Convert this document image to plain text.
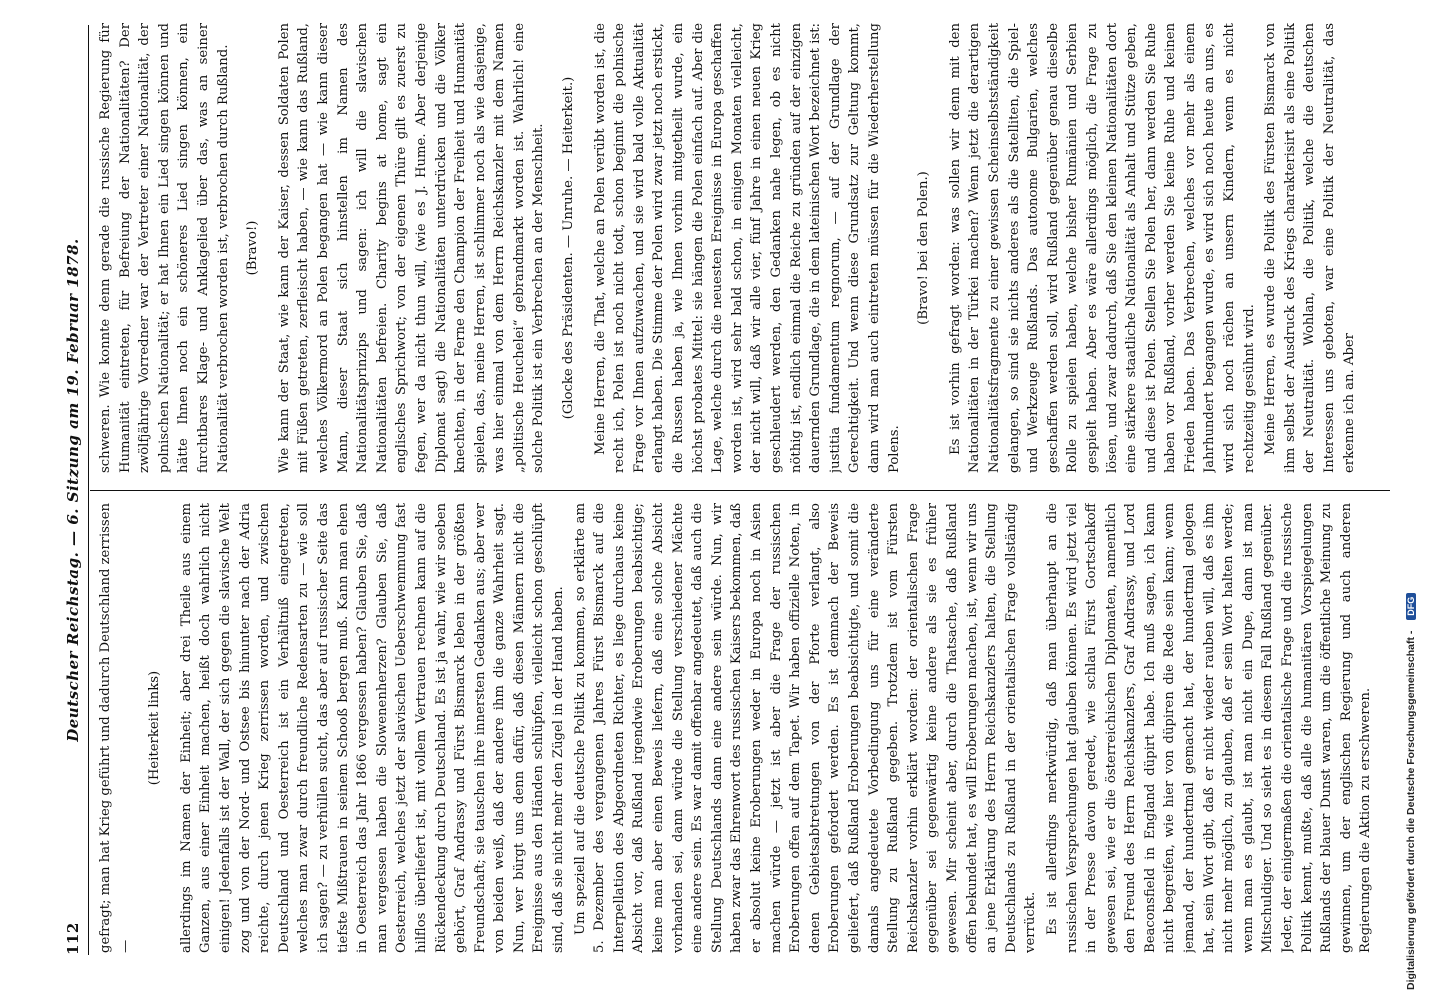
112
Deutscher Reichstag. — 6. Sitzung am 19. Februar 1878. gefragt; man hat Krieg geführt und dadurch Deutschland zerrissen —

(Heiterkeit links) allerdings im Namen der Einheit; aber drei Theile aus einem Ganzen, aus einer Einheit machen, heißt doch wahrlich nicht einigen! Jedenfalls ist der Wall, der sich gegen die slavische Welt zog und von der Nord- und Ostsee bis hinunter nach der Adria reichte, durch jenen Krieg zerrissen worden, und zwischen Deutschland und Oesterreich ist ein Verhältniß eingetreten, welches man zwar durch freundliche Redensarten zu — wie soll ich sagen? — zu verhüllen sucht, das aber auf russischer Seite das tiefste Mißtrauen in seinem Schooß bergen muß. Kann man ehen in Oesterreich das Jahr 1866 vergessen haben? Glauben Sie, daß man vergessen haben die Slowenenherzen? Glauben Sie, daß Oesterreich, welches jetzt der slavischen Ueberschwemmung fast hilflos überliefert ist, mit vollem Vertrauen rechnen kann auf die Rückendeckung durch Deutschland. Es ist ja wahr, wie wir soeben gehört, Graf Andrassy und Fürst Bismarck leben in der größten Freundschaft; sie tauschen ihre innersten Gedanken aus; aber wer von beiden weiß, daß der andere ihm die ganze Wahrheit sagt. Nun, wer bürgt uns denn dafür, daß diesen Männern nicht die Ereignisse aus den Händen schlüpfen, vielleicht schon geschlüpft sind, daß sie nicht mehr den Zügel in der Hand haben. Um speziell auf die deutsche Politik zu kommen, so erklärte am 5. Dezember des vergangenen Jahres Fürst Bismarck auf die Interpellation des Abgeordneten Richter, es liege durchaus keine Absicht vor, daß Rußland irgendwie Eroberungen beabsichtige; keine man aber einen Beweis liefern, daß eine solche Absicht vorhanden sei, dann würde die Stellung verschiedener Mächte eine andere sein. Es war damit offenbar angedeutet, daß auch die Stellung Deutschlands dann eine andere sein würde. Nun, wir haben zwar das Ehrenwort des russischen Kaisers bekommen, daß er absolut keine Eroberungen weder in Europa noch in Asien machen würde — jetzt ist aber die Frage der russischen Eroberungen offen auf dem Tapet. Wir haben offizielle Noten, in denen Gebietsabtretungen von der Pforte verlangt, also Eroberungen gefordert werden. Es ist demnach der Beweis geliefert, daß Rußland Eroberungen beabsichtigte, und somit die damals angedeutete Vorbedingung uns für eine veränderte Stellung zu Rußland gegeben. Trotzdem ist vom Fürsten Reichskanzler vorhin erklärt worden: der orientalischen Frage gegenüber sei gegenwärtig keine andere als sie es früher gewesen. Mir scheint aber, durch die Thatsache, daß Rußland offen bekundet hat, es will Eroberungen machen, ist, wenn wir uns an jene Erklärung des Herrn Reichskanzlers halten, die Stellung Deutschlands zu Rußland in der orientalischen Frage vollständig verrückt. Es ist allerdings merkwürdig, daß man überhaupt an die russischen Versprechungen hat glauben können. Es wird jetzt viel in der Presse davon geredet, wie schlau Fürst Gortschakoff gewesen sei, wie er die österreichischen Diplomaten, namentlich den Freund des Herrn Reichskanzlers, Graf Andrassy, und Lord Beaconsfield in England düpirt habe. Ich muß sagen, ich kann nicht begreifen, wie hier von düpiren die Rede sein kann; wenn jemand, der hundertmal gemacht hat, der hundertmal gelogen hat, sein Wort gibt, daß er nicht wieder rauben will, daß es ihm nicht mehr möglich, zu glauben, daß er sein Wort halten werde; wenn man es glaubt, ist man nicht ein Dupe, dann ist man Mitschuldiger. Und so sieht es in diesem Fall Rußland gegenüber. Jeder, der einigermaßen die orientalische Frage und die russische Politik kennt, mußte, daß alle die humanitären Vorspiegelungen Rußlands der blauer Dunst waren, um die öffentliche Meinung zu gewinnen, um der englischen Regierung und auch anderen Regierungen die Aktion zu erschweren.

schweren. Wie konnte denn gerade die russische Regierung für Humanität eintreten, für Befreiung der Nationalitäten? Der zwölfjährige Vorredner war der Vertreter einer Nationalität, der polnischen Nationalität; er hat Ihnen ein Lied singen können und hätte Ihnen noch ein schöneres Lied singen können, ein furchtbares Klage- und Anklagelied über das, was an seiner Nationalität verbrochen worden ist, verbrochen durch Rußland. (Bravo!) Wie kann der Staat, wie kann der Kaiser, dessen Soldaten Polen mit Füßen getreten, zerfleischt haben, — wie kann das Rußland, welches Völkermord an Polen begangen hat — wie kann dieser Mann, dieser Staat sich hinstellen im Namen des Nationalitätsprinzips und sagen: ich will die slavischen Nationalitäten befreien. Charity begins at home, sagt ein englisches Sprichwort; von der eigenen Thüre gilt es zuerst zu fegen, wer da nicht thun will, (wie es J. Hume. Aber derjenige Diplomat sagt) die Nationalitäten unterdrücken und die Völker knechten, in der Ferne den Champion der Freiheit und Humanität spielen, das, meine Herren, ist schlimmer noch als wie dasjenige, was hier einmal von dem Herrn Reichskanzler mit dem Namen „politische Heuchelei“ gebrandmarkt worden ist. Wahrlich! eine solche Politik ist ein Verbrechen an der Menschheit. (Glocke des Präsidenten. — Unruhe. — Heiterkeit.) Meine Herren, die That, welche an Polen verübt worden ist, die recht ich, Polen ist noch nicht todt, schon beginnt die polnische Frage vor Ihnen aufzuwachen, und sie wird bald volle Aktualität erlangt haben. Die Stimme der Polen wird zwar jetzt noch erstickt, die Russen haben ja, wie Ihnen vorhin mitgetheilt wurde, ein höchst probates Mittel: sie hängen die Polen einfach auf. Aber die Lage, welche durch die neuesten Ereignisse in Europa geschaffen worden ist, wird sehr bald schon, in einigen Monaten vielleicht, der nicht will, daß wir alle vier, fünf Jahre in einen neuen Krieg geschleudert werden, den Gedanken nahe legen, ob es nicht nöthig ist, endlich einmal die Reiche zu gründen auf der einzigen dauernden Grundlage, die in dem lateinischen Wort bezeichnet ist: justitia fundamentum regnorum, — auf der Grundlage der Gerechtigkeit. Und wenn diese Grundsatz zur Geltung kommt, dann wird man auch eintreten müssen für die Wiederherstellung Polens.

(Bravo! bei den Polen.) Es ist vorhin gefragt worden: was sollen wir denn mit den Nationalitäten in der Türkei machen? Wenn jetzt die derartigen Nationalitätsfragmente zu einer gewissen Scheinselbstständigkeit gelangen, so sind sie nichts anderes als die Satelliten, die Spiel- und Werkzeuge Rußlands. Das autonome Bulgarien, welches geschaffen werden soll, wird Rußland gegenüber genau dieselbe Rolle zu spielen haben, welche bisher Rumänien und Serbien gespielt haben. Aber es wäre allerdings möglich, die Frage zu lösen, und zwar dadurch, daß Sie den kleinen Nationalitäten dort eine stärkere staatliche Nationalität als Anhalt und Stütze geben, und diese ist Polen. Stellen Sie Polen her, dann werden Sie Ruhe haben vor Rußland, vorher werden Sie keine Ruhe und keinen Frieden haben. Das Verbrechen, welches vor mehr als einem Jahrhundert begangen wurde, es wird sich noch heute an uns, es wird sich noch rächen an unsern Kindern, wenn es nicht rechtzeitig gesühnt wird. Meine Herren, es wurde die Politik des Fürsten Bismarck von ihm selbst der Ausdruck des Kriegs charakterisirt als eine Politik der Neutralität. Wohlan, die Politik, welche die deutschen Interessen uns geboten, war eine Politik der Neutralität, das erkenne ich an. Aber

Digitalisierung gefördert durch die Deutsche Forschungsgemeinschaft - DFG
